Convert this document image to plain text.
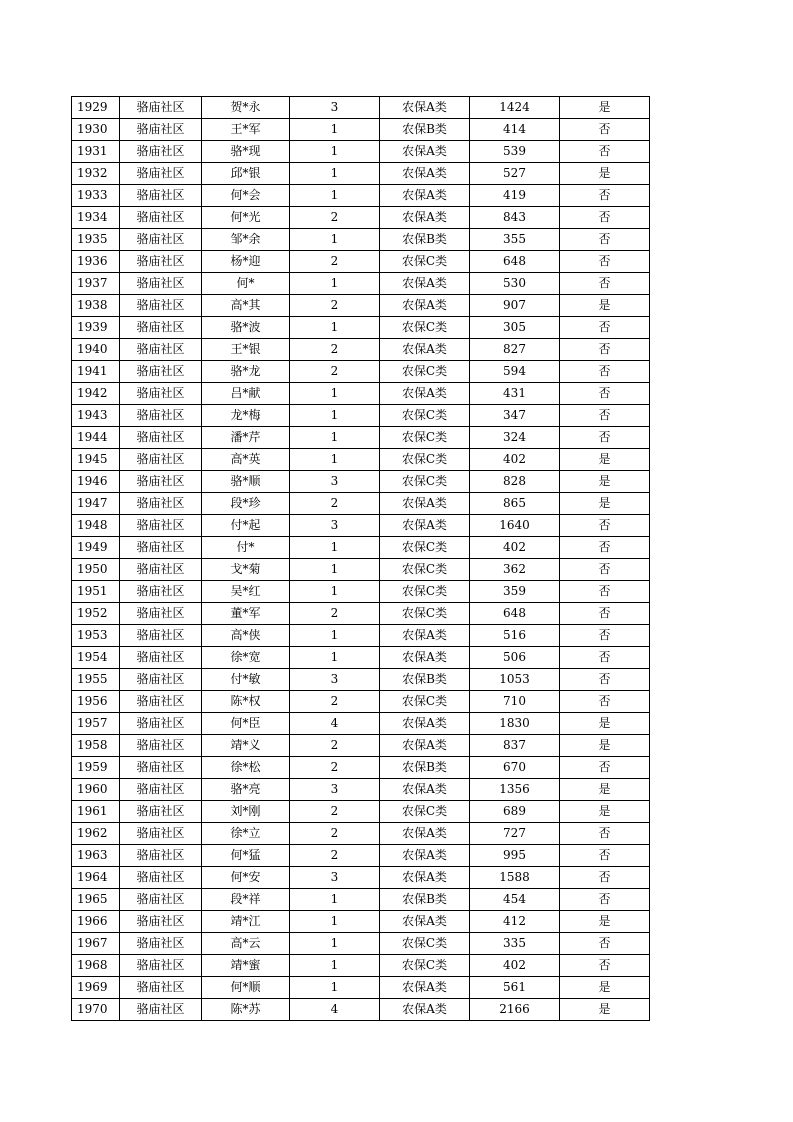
1929	骆庙社区	贺*永	3	农保A类	1424	是
1930	骆庙社区	王*军	1	农保B类	414	否
1931	骆庙社区	骆*现	1	农保A类	539	否
1932	骆庙社区	邱*银	1	农保A类	527	是
1933	骆庙社区	何*会	1	农保A类	419	否
1934	骆庙社区	何*光	2	农保A类	843	否
1935	骆庙社区	邹*余	1	农保B类	355	否
1936	骆庙社区	杨*迎	2	农保C类	648	否
1937	骆庙社区	何*	1	农保A类	530	否
1938	骆庙社区	高*其	2	农保A类	907	是
1939	骆庙社区	骆*波	1	农保C类	305	否
1940	骆庙社区	王*银	2	农保A类	827	否
1941	骆庙社区	骆*龙	2	农保C类	594	否
1942	骆庙社区	吕*献	1	农保A类	431	否
1943	骆庙社区	龙*梅	1	农保C类	347	否
1944	骆庙社区	潘*芹	1	农保C类	324	否
1945	骆庙社区	高*英	1	农保C类	402	是
1946	骆庙社区	骆*顺	3	农保C类	828	是
1947	骆庙社区	段*珍	2	农保A类	865	是
1948	骆庙社区	付*起	3	农保A类	1640	否
1949	骆庙社区	付*	1	农保C类	402	否
1950	骆庙社区	戈*菊	1	农保C类	362	否
1951	骆庙社区	吴*红	1	农保C类	359	否
1952	骆庙社区	董*军	2	农保C类	648	否
1953	骆庙社区	高*侠	1	农保A类	516	否
1954	骆庙社区	徐*宽	1	农保A类	506	否
1955	骆庙社区	付*敏	3	农保B类	1053	否
1956	骆庙社区	陈*权	2	农保C类	710	否
1957	骆庙社区	何*臣	4	农保A类	1830	是
1958	骆庙社区	靖*义	2	农保A类	837	是
1959	骆庙社区	徐*松	2	农保B类	670	否
1960	骆庙社区	骆*亮	3	农保A类	1356	是
1961	骆庙社区	刘*刚	2	农保C类	689	是
1962	骆庙社区	徐*立	2	农保A类	727	否
1963	骆庙社区	何*猛	2	农保A类	995	否
1964	骆庙社区	何*安	3	农保A类	1588	否
1965	骆庙社区	段*祥	1	农保B类	454	否
1966	骆庙社区	靖*江	1	农保A类	412	是
1967	骆庙社区	高*云	1	农保C类	335	否
1968	骆庙社区	靖*蜜	1	农保C类	402	否
1969	骆庙社区	何*顺	1	农保A类	561	是
1970	骆庙社区	陈*苏	4	农保A类	2166	是
